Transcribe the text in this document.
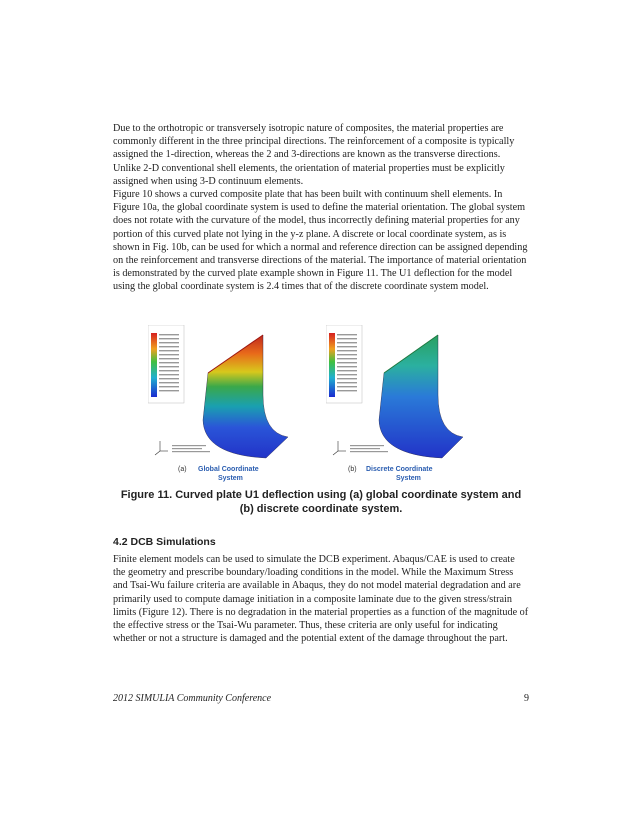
Due to the orthotropic or transversely isotropic nature of composites, the material properties are commonly different in the three principal directions. The reinforcement of a composite is typically assigned the 1-direction, whereas the 2 and 3-directions are known as the transverse directions. Unlike 2-D conventional shell elements, the orientation of material properties must be explicitly assigned when using 3-D continuum elements.

Figure 10 shows a curved composite plate that has been built with continuum shell elements. In Figure 10a, the global coordinate system is used to define the material orientation. The global system does not rotate with the curvature of the model, thus incorrectly defining material properties for any portion of this curved plate not lying in the y-z plane. A discrete or local coordinate system, as is shown in Fig. 10b, can be used for which a normal and reference direction can be assigned depending on the reinforcement and transverse directions of the material. The importance of material orientation is demonstrated by the curved plate example shown in Figure 11. The U1 deflection for the model using the global coordinate system is 2.4 times that of the discrete coordinate system model.

(a) Global Coordinate
System
(b) Discrete Coordinate
System

Figure 11. Curved plate U1 deflection using (a) global coordinate system and
(b) discrete coordinate system.

4.2 DCB Simulations

Finite element models can be used to simulate the DCB experiment. Abaqus/CAE is used to create the geometry and prescribe boundary/loading conditions in the model. While the Maximum Stress and Tsai-Wu failure criteria are available in Abaqus, they do not model material degradation and are primarily used to compute damage initiation in a composite laminate due to the given stress/strain limits (Figure 12). There is no degradation in the material properties as a function of the magnitude of the effective stress or the Tsai-Wu parameter. Thus, these criteria are only useful for indicating whether or not a structure is damaged and the potential extent of the damage throughout the part.

2012 SIMULIA Community Conference	9
